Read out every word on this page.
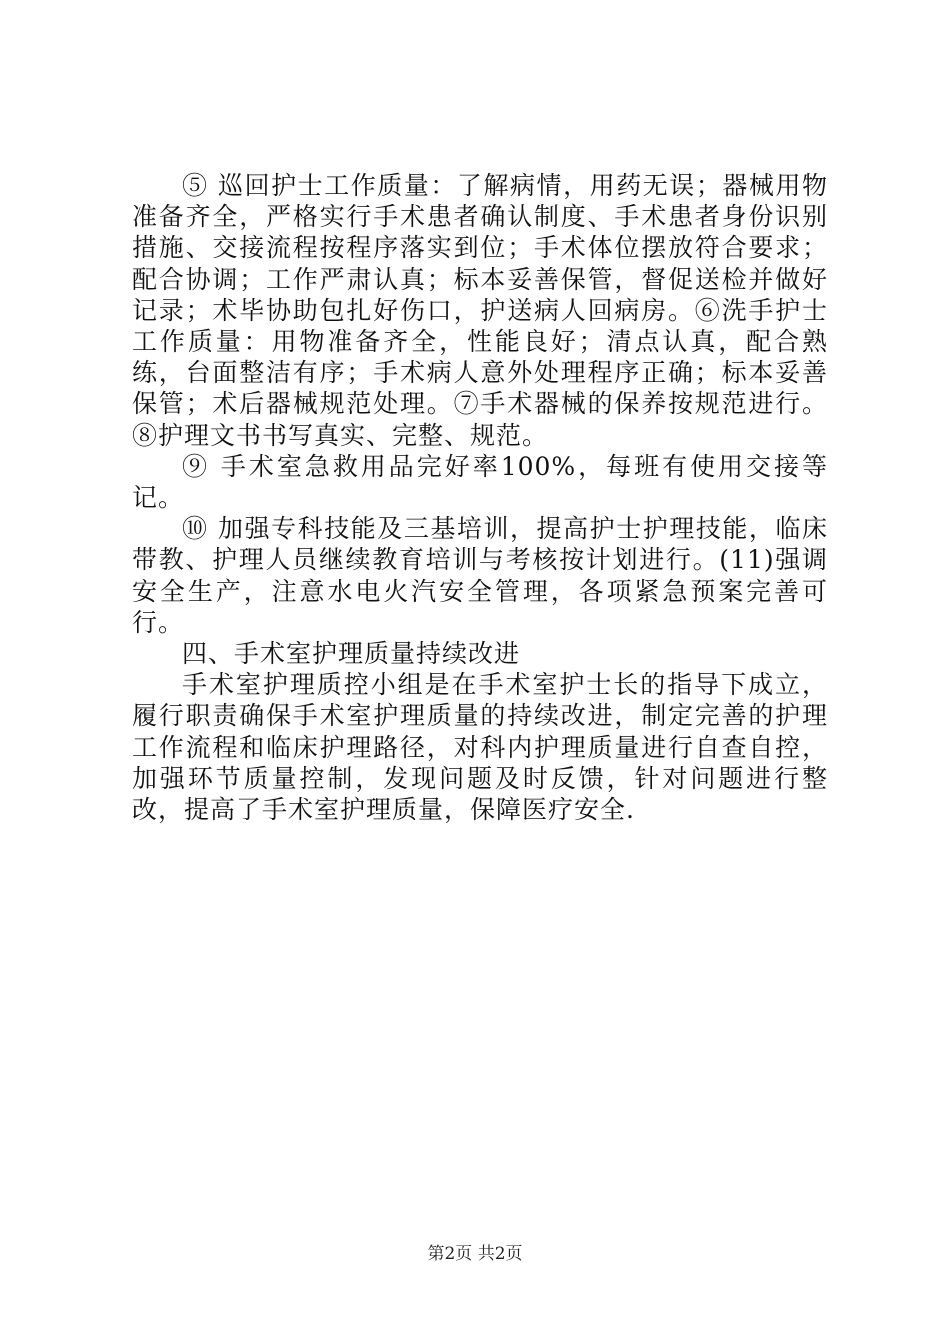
⑤ 巡回护士工作质量：了解病情，用药无误；器械用物准备齐全，严格实行手术患者确认制度、手术患者身份识别措施、交接流程按程序落实到位；手术体位摆放符合要求；配合协调；工作严肃认真；标本妥善保管，督促送检并做好记录；术毕协助包扎好伤口，护送病人回病房。⑥洗手护士工作质量：用物准备齐全，性能良好；清点认真，配合熟练，台面整洁有序；手术病人意外处理程序正确；标本妥善保管；术后器械规范处理。⑦手术器械的保养按规范进行。⑧护理文书书写真实、完整、规范。

⑨ 手术室急救用品完好率100%，每班有使用交接等记。

⑩ 加强专科技能及三基培训，提高护士护理技能，临床带教、护理人员继续教育培训与考核按计划进行。(11)强调安全生产，注意水电火汽安全管理，各项紧急预案完善可行。

四、手术室护理质量持续改进

手术室护理质控小组是在手术室护士长的指导下成立，履行职责确保手术室护理质量的持续改进，制定完善的护理工作流程和临床护理路径，对科内护理质量进行自查自控，加强环节质量控制，发现问题及时反馈，针对问题进行整改，提高了手术室护理质量，保障医疗安全.

第2页 共2页
